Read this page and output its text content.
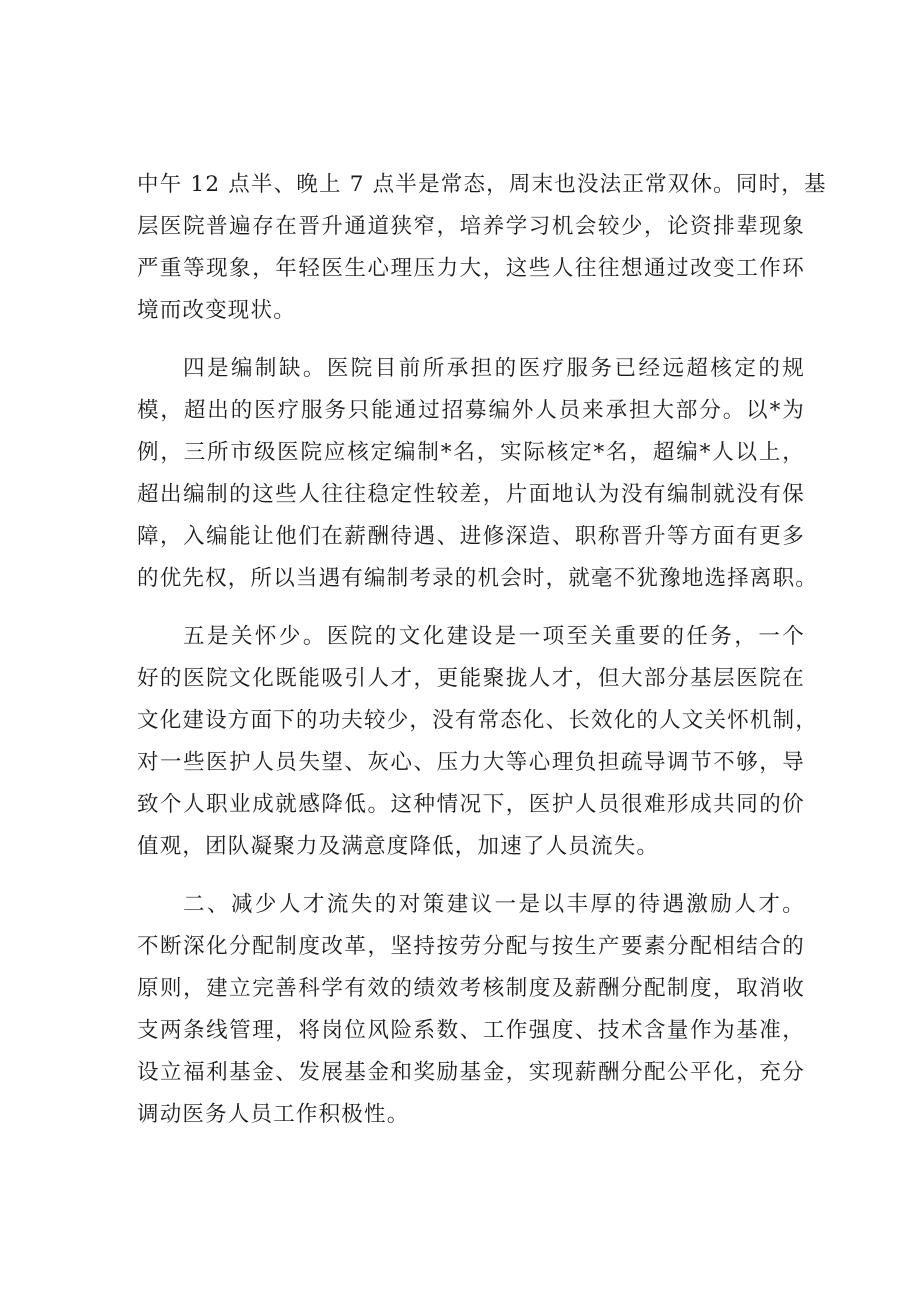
中午 12 点半、晚上 7 点半是常态，周末也没法正常双休。同时，基
层医院普遍存在晋升通道狭窄，培养学习机会较少，论资排辈现象
严重等现象，年轻医生心理压力大，这些人往往想通过改变工作环
境而改变现状。

四是编制缺。医院目前所承担的医疗服务已经远超核定的规
模，超出的医疗服务只能通过招募编外人员来承担大部分。以*为
例，三所市级医院应核定编制*名，实际核定*名，超编*人以上，
超出编制的这些人往往稳定性较差，片面地认为没有编制就没有保
障，入编能让他们在薪酬待遇、进修深造、职称晋升等方面有更多
的优先权，所以当遇有编制考录的机会时，就毫不犹豫地选择离职。

五是关怀少。医院的文化建设是一项至关重要的任务，一个
好的医院文化既能吸引人才，更能聚拢人才，但大部分基层医院在
文化建设方面下的功夫较少，没有常态化、长效化的人文关怀机制，
对一些医护人员失望、灰心、压力大等心理负担疏导调节不够，导
致个人职业成就感降低。这种情况下，医护人员很难形成共同的价
值观，团队凝聚力及满意度降低，加速了人员流失。

二、减少人才流失的对策建议一是以丰厚的待遇激励人才。
不断深化分配制度改革，坚持按劳分配与按生产要素分配相结合的
原则，建立完善科学有效的绩效考核制度及薪酬分配制度，取消收
支两条线管理，将岗位风险系数、工作强度、技术含量作为基准，
设立福利基金、发展基金和奖励基金，实现薪酬分配公平化，充分
调动医务人员工作积极性。
